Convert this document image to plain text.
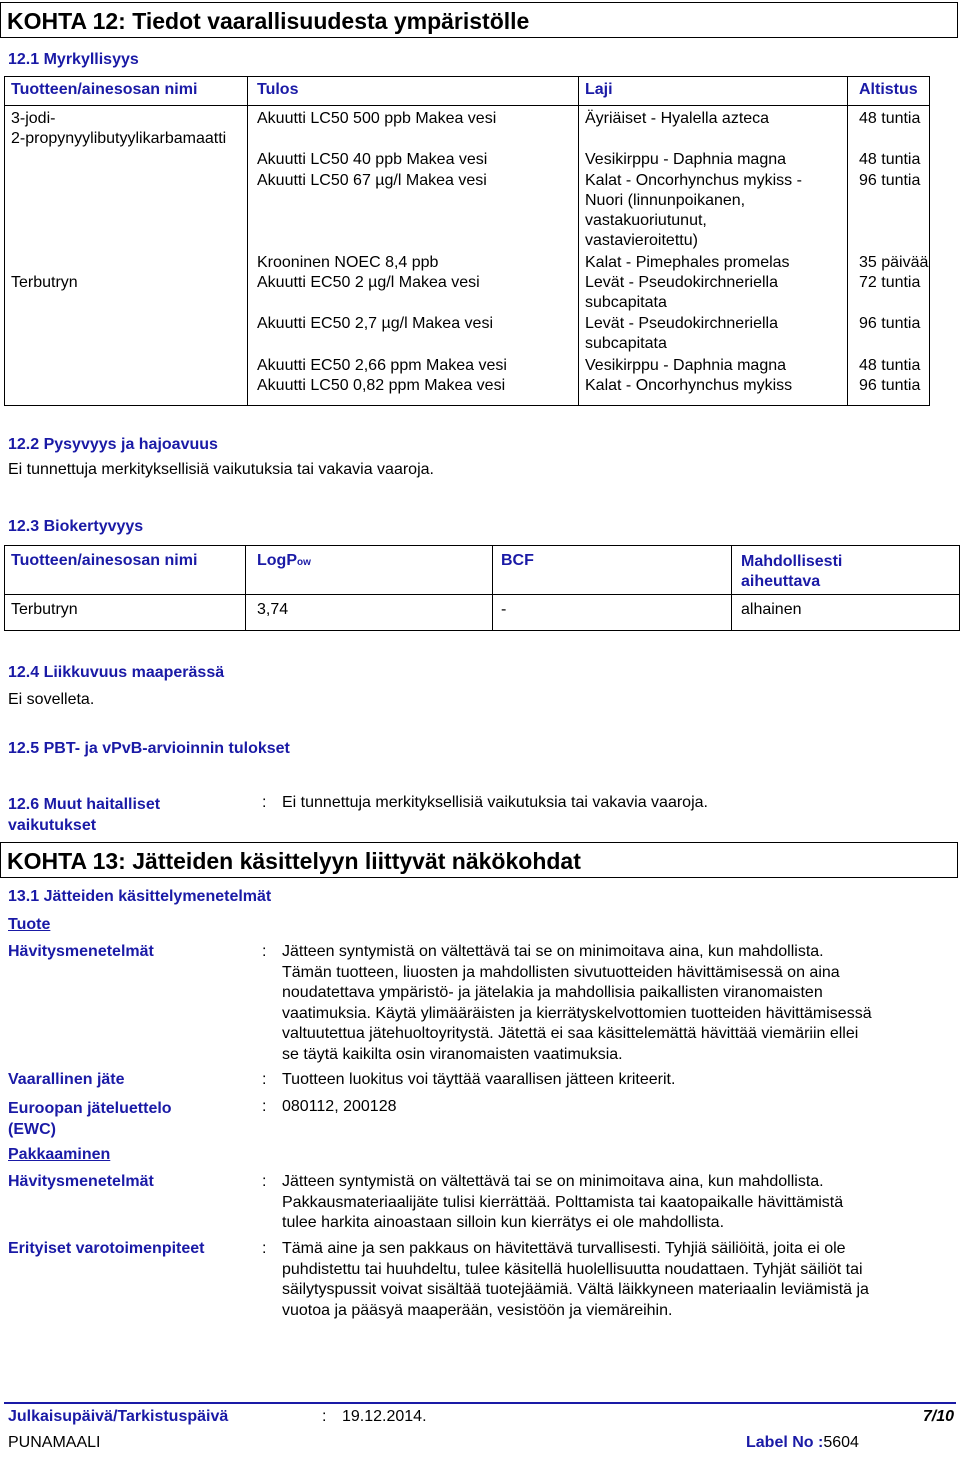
KOHTA 12: Tiedot vaarallisuudesta ympäristölle
12.1 Myrkyllisyys
Tuotteen/ainesosan nimi	Tulos	Laji	Altistus
3-jodi-	Akuutti LC50 500 ppb Makea vesi	Äyriäiset - Hyalella azteca	48 tuntia
2-propynyylibutyylikarbamaatti
Akuutti LC50 40 ppb Makea vesi	Vesikirppu - Daphnia magna	48 tuntia
Akuutti LC50 67 µg/l Makea vesi	Kalat - Oncorhynchus mykiss -	96 tuntia
Nuori (linnunpoikanen,
vastakuoriutunut,
vastavieroitettu)
Krooninen NOEC 8,4 ppb	Kalat - Pimephales promelas	35 päivää
Terbutryn	Akuutti EC50 2 µg/l Makea vesi	Levät - Pseudokirchneriella	72 tuntia
subcapitata
Akuutti EC50 2,7 µg/l Makea vesi	Levät - Pseudokirchneriella	96 tuntia
subcapitata
Akuutti EC50 2,66 ppm Makea vesi	Vesikirppu - Daphnia magna	48 tuntia
Akuutti LC50 0,82 ppm Makea vesi	Kalat - Oncorhynchus mykiss	96 tuntia
12.2 Pysyvyys ja hajoavuus
Ei tunnettuja merkityksellisiä vaikutuksia tai vakavia vaaroja.
12.3 Biokertyvyys
Tuotteen/ainesosan nimi	LogPow	BCF	Mahdollisesti
aiheuttava
Terbutryn	3,74	-	alhainen
12.4 Liikkuvuus maaperässä
Ei sovelleta.
12.5 PBT- ja vPvB-arvioinnin tulokset
12.6 Muut haitalliset
vaikutukset
: Ei tunnettuja merkityksellisiä vaikutuksia tai vakavia vaaroja.
KOHTA 13: Jätteiden käsittelyyn liittyvät näkökohdat
13.1 Jätteiden käsittelymenetelmät
Tuote
Hävitysmenetelmät	: Jätteen syntymistä on vältettävä tai se on minimoitava aina, kun mahdollista.
Tämän tuotteen, liuosten ja mahdollisten sivutuotteiden hävittämisessä on aina
noudatettava ympäristö- ja jätelakia ja mahdollisia paikallisten viranomaisten
vaatimuksia. Käytä ylimääräisten ja kierrätyskelvottomien tuotteiden hävittämisessä
valtuutettua jätehuoltoyritystä. Jätettä ei saa käsittelemättä hävittää viemäriin ellei
se täytä kaikilta osin viranomaisten vaatimuksia.
Vaarallinen jäte	: Tuotteen luokitus voi täyttää vaarallisen jätteen kriteerit.
Euroopan jäteluettelo
(EWC)
: 080112, 200128
Pakkaaminen
Hävitysmenetelmät	: Jätteen syntymistä on vältettävä tai se on minimoitava aina, kun mahdollista.
Pakkausmateriaalijäte tulisi kierrättää. Polttamista tai kaatopaikalle hävittämistä
tulee harkita ainoastaan silloin kun kierrätys ei ole mahdollista.
Erityiset varotoimenpiteet	: Tämä aine ja sen pakkaus on hävitettävä turvallisesti. Tyhjiä säiliöitä, joita ei ole
puhdistettu tai huuhdeltu, tulee käsitellä huolellisuutta noudattaen. Tyhjät säiliöt tai
säilytyspussit voivat sisältää tuotejäämiä. Vältä läikkyneen materiaalin leviämistä ja
vuotoa ja pääsyä maaperään, vesistöön ja viemäreihin.
Julkaisupäivä/Tarkistuspäivä	: 19.12.2014.	7/10
PUNAMAALI	Label No :5604
